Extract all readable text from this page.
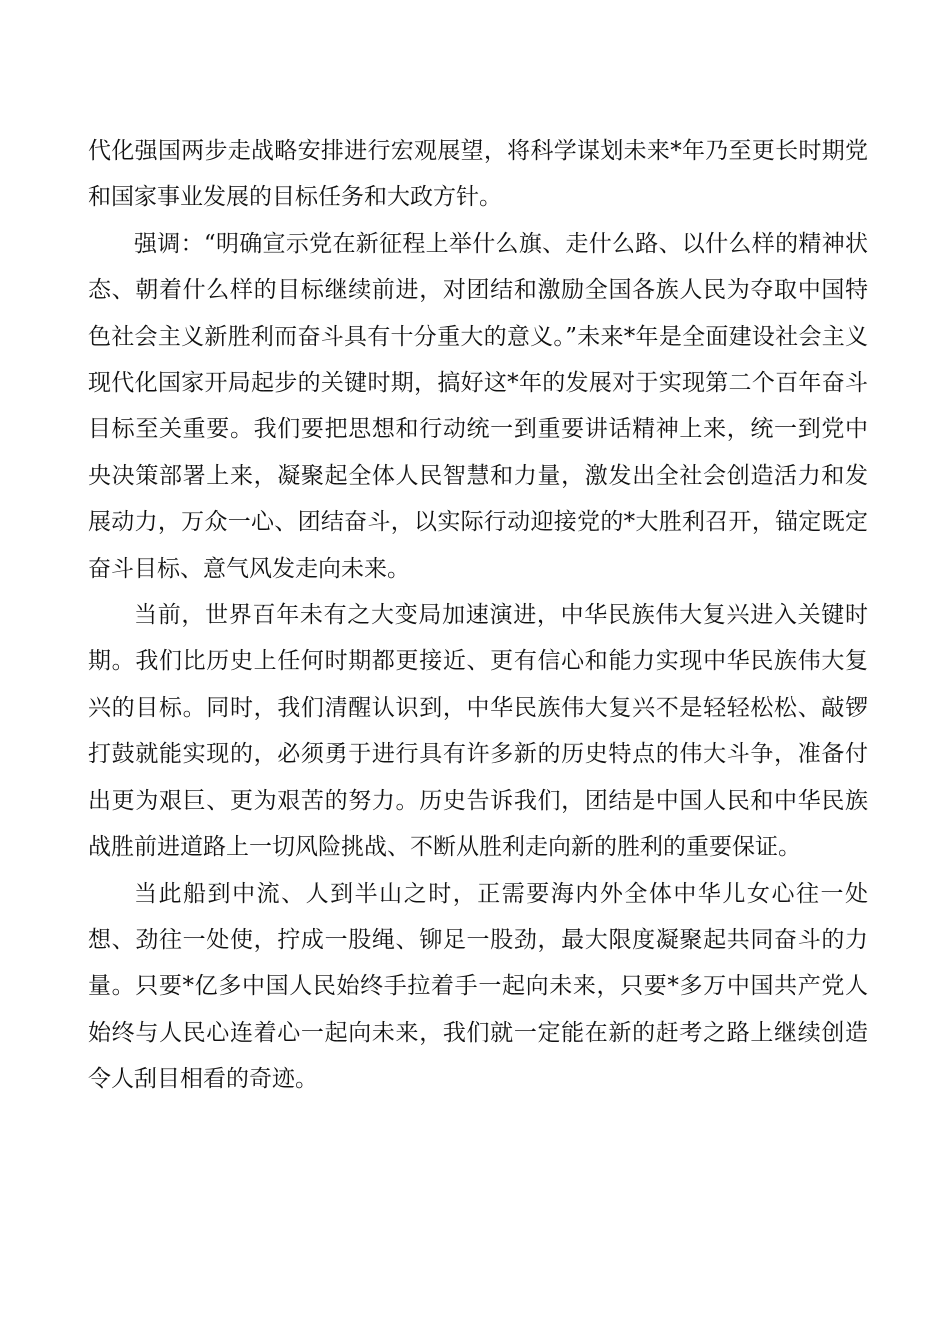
代化强国两步走战略安排进行宏观展望，将科学谋划未来*年乃至更长时期党和国家事业发展的目标任务和大政方针。

强调：“明确宣示党在新征程上举什么旗、走什么路、以什么样的精神状态、朝着什么样的目标继续前进，对团结和激励全国各族人民为夺取中国特色社会主义新胜利而奋斗具有十分重大的意义。”未来*年是全面建设社会主义现代化国家开局起步的关键时期，搞好这*年的发展对于实现第二个百年奋斗目标至关重要。我们要把思想和行动统一到重要讲话精神上来，统一到党中央决策部署上来，凝聚起全体人民智慧和力量，激发出全社会创造活力和发展动力，万众一心、团结奋斗，以实际行动迎接党的*大胜利召开，锚定既定奋斗目标、意气风发走向未来。

当前，世界百年未有之大变局加速演进，中华民族伟大复兴进入关键时期。我们比历史上任何时期都更接近、更有信心和能力实现中华民族伟大复兴的目标。同时，我们清醒认识到，中华民族伟大复兴不是轻轻松松、敲锣打鼓就能实现的，必须勇于进行具有许多新的历史特点的伟大斗争，准备付出更为艰巨、更为艰苦的努力。历史告诉我们，团结是中国人民和中华民族战胜前进道路上一切风险挑战、不断从胜利走向新的胜利的重要保证。

当此船到中流、人到半山之时，正需要海内外全体中华儿女心往一处想、劲往一处使，拧成一股绳、铆足一股劲，最大限度凝聚起共同奋斗的力量。只要*亿多中国人民始终手拉着手一起向未来，只要*多万中国共产党人始终与人民心连着心一起向未来，我们就一定能在新的赶考之路上继续创造令人刮目相看的奇迹。
